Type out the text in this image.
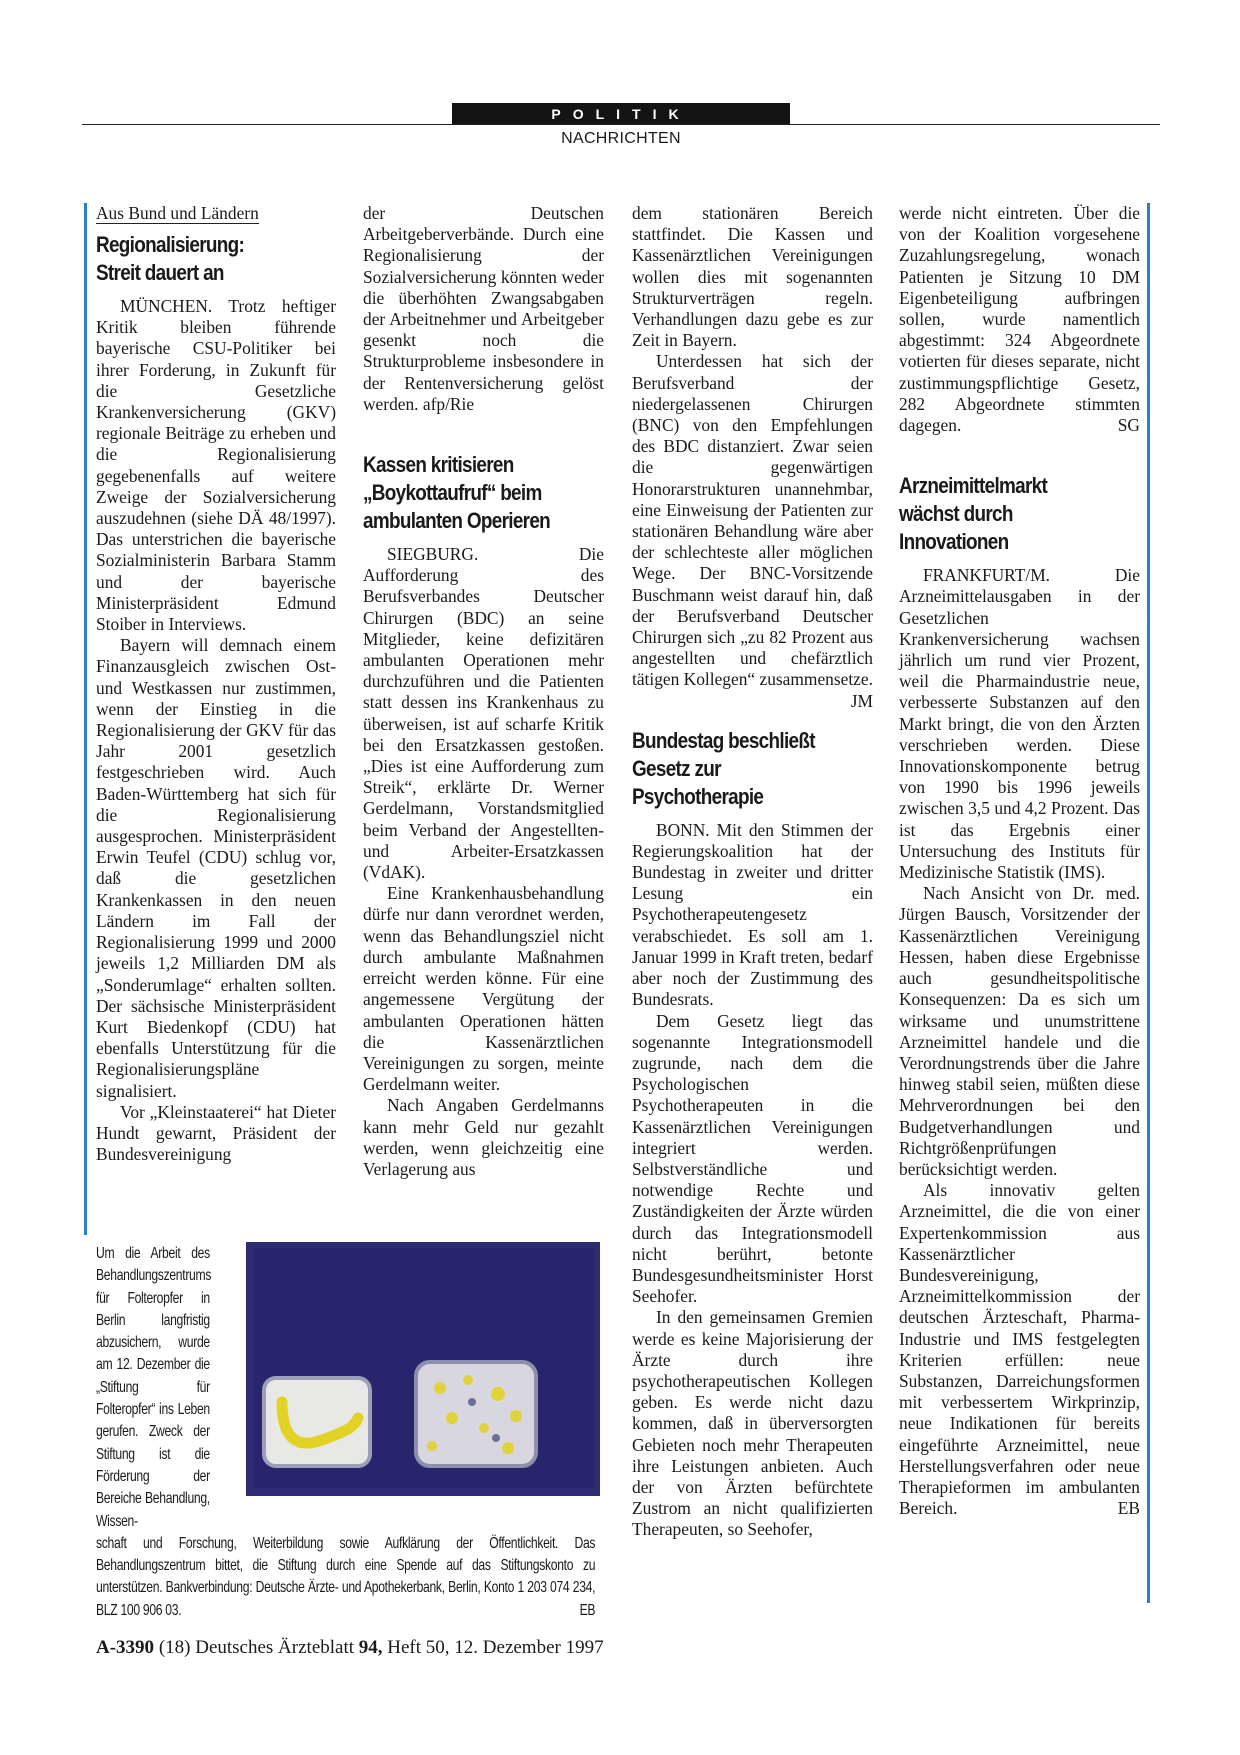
POLITIK
NACHRICHTEN
Aus Bund und Ländern
Regionalisierung:
Streit dauert an

MÜNCHEN. Trotz heftiger Kritik bleiben führende bayerische CSU-Politiker bei ihrer Forderung, in Zukunft für die Gesetzliche Krankenversicherung (GKV) regionale Beiträge zu erheben und die Regionalisierung gegebenenfalls auf weitere Zweige der Sozialversicherung auszudehnen (siehe DÄ 48/1997). Das unterstrichen die bayerische Sozialministerin Barbara Stamm und der bayerische Ministerpräsident Edmund Stoiber in Interviews.

Bayern will demnach einem Finanzausgleich zwischen Ost- und Westkassen nur zustimmen, wenn der Einstieg in die Regionalisierung der GKV für das Jahr 2001 gesetzlich festgeschrieben wird. Auch Baden-Württemberg hat sich für die Regionalisierung ausgesprochen. Ministerpräsident Erwin Teufel (CDU) schlug vor, daß die gesetzlichen Krankenkassen in den neuen Ländern im Fall der Regionalisierung 1999 und 2000 jeweils 1,2 Milliarden DM als „Sonderumlage“ erhalten sollten. Der sächsische Ministerpräsident Kurt Biedenkopf (CDU) hat ebenfalls Unterstützung für die Regionalisierungspläne signalisiert.

Vor „Kleinstaaterei“ hat Dieter Hundt gewarnt, Präsident der Bundesvereinigung

der Deutschen Arbeitgeberverbände. Durch eine Regionalisierung der Sozialversicherung könnten weder die überhöhten Zwangsabgaben der Arbeitnehmer und Arbeitgeber gesenkt noch die Strukturprobleme insbesondere in der Rentenversicherung gelöst werden. afp/Rie

Kassen kritisieren
„Boykottaufruf“ beim
ambulanten Operieren

SIEGBURG. Die Aufforderung des Berufsverbandes Deutscher Chirurgen (BDC) an seine Mitglieder, keine defizitären ambulanten Operationen mehr durchzuführen und die Patienten statt dessen ins Krankenhaus zu überweisen, ist auf scharfe Kritik bei den Ersatzkassen gestoßen. „Dies ist eine Aufforderung zum Streik“, erklärte Dr. Werner Gerdelmann, Vorstandsmitglied beim Verband der Angestellten- und Arbeiter-Ersatzkassen (VdAK).

Eine Krankenhausbehandlung dürfe nur dann verordnet werden, wenn das Behandlungsziel nicht durch ambulante Maßnahmen erreicht werden könne. Für eine angemessene Vergütung der ambulanten Operationen hätten die Kassenärztlichen Vereinigungen zu sorgen, meinte Gerdelmann weiter.

Nach Angaben Gerdelmanns kann mehr Geld nur gezahlt werden, wenn gleichzeitig eine Verlagerung aus

dem stationären Bereich stattfindet. Die Kassen und Kassenärztlichen Vereinigungen wollen dies mit sogenannten Strukturverträgen regeln. Verhandlungen dazu gebe es zur Zeit in Bayern.

Unterdessen hat sich der Berufsverband der niedergelassenen Chirurgen (BNC) von den Empfehlungen des BDC distanziert. Zwar seien die gegenwärtigen Honorarstrukturen unannehmbar, eine Einweisung der Patienten zur stationären Behandlung wäre aber der schlechteste aller möglichen Wege. Der BNC-Vorsitzende Buschmann weist darauf hin, daß der Berufsverband Deutscher Chirurgen sich „zu 82 Prozent aus angestellten und chefärztlich tätigen Kollegen“ zusammensetze.
JM

Bundestag beschließt
Gesetz zur
Psychotherapie

BONN. Mit den Stimmen der Regierungskoalition hat der Bundestag in zweiter und dritter Lesung ein Psychotherapeutengesetz verabschiedet. Es soll am 1. Januar 1999 in Kraft treten, bedarf aber noch der Zustimmung des Bundesrats.

Dem Gesetz liegt das sogenannte Integrationsmodell zugrunde, nach dem die Psychologischen Psychotherapeuten in die Kassenärztlichen Vereinigungen integriert werden. Selbstverständliche und notwendige Rechte und Zuständigkeiten der Ärzte würden durch das Integrationsmodell nicht berührt, betonte Bundesgesundheitsminister Horst Seehofer.

In den gemeinsamen Gremien werde es keine Majorisierung der Ärzte durch ihre psychotherapeutischen Kollegen geben. Es werde nicht dazu kommen, daß in überversorgten Gebieten noch mehr Therapeuten ihre Leistungen anbieten. Auch der von Ärzten befürchtete Zustrom an nicht qualifizierten Therapeuten, so Seehofer,

werde nicht eintreten. Über die von der Koalition vorgesehene Zuzahlungsregelung, wonach Patienten je Sitzung 10 DM Eigenbeteiligung aufbringen sollen, wurde namentlich abgestimmt: 324 Abgeordnete votierten für dieses separate, nicht zustimmungspflichtige Gesetz, 282 Abgeordnete stimmten dagegen.	SG

Arzneimittelmarkt
wächst durch
Innovationen

FRANKFURT/M. Die Arzneimittelausgaben in der Gesetzlichen Krankenversicherung wachsen jährlich um rund vier Prozent, weil die Pharmaindustrie neue, verbesserte Substanzen auf den Markt bringt, die von den Ärzten verschrieben werden. Diese Innovationskomponente betrug von 1990 bis 1996 jeweils zwischen 3,5 und 4,2 Prozent. Das ist das Ergebnis einer Untersuchung des Instituts für Medizinische Statistik (IMS).

Nach Ansicht von Dr. med. Jürgen Bausch, Vorsitzender der Kassenärztlichen Vereinigung Hessen, haben diese Ergebnisse auch gesundheitspolitische Konsequenzen: Da es sich um wirksame und unumstrittene Arzneimittel handele und die Verordnungstrends über die Jahre hinweg stabil seien, müßten diese Mehrverordnungen bei den Budgetverhandlungen und Richtgrößenprüfungen berücksichtigt werden.

Als innovativ gelten Arzneimittel, die die von einer Expertenkommission aus Kassenärztlicher Bundesvereinigung, Arzneimittelkommission der deutschen Ärzteschaft, Pharma-Industrie und IMS festgelegten Kriterien erfüllen: neue Substanzen, Darreichungsformen mit verbessertem Wirkprinzip, neue Indikationen für bereits eingeführte Arzneimittel, neue Herstellungsverfahren oder neue Therapieformen im ambulanten Bereich.	EB

Um die Arbeit des Behandlungszentrums für Folteropfer in Berlin langfristig abzusichern, wurde am 12. Dezember die „Stiftung für Folteropfer“ ins Leben gerufen. Zweck der Stiftung ist die Förderung der Bereiche Behandlung, Wissen-
schaft und Forschung, Weiterbildung sowie Aufklärung der Öffentlichkeit. Das Behandlungszentrum bittet, die Stiftung durch eine Spende auf das Stiftungskonto zu unterstützen. Bankverbindung: Deutsche Ärzte- und Apothekerbank, Berlin, Konto 1 203 074 234, BLZ 100 906 03.	EB
A-3390 (18) Deutsches Ärzteblatt 94, Heft 50, 12. Dezember 1997
